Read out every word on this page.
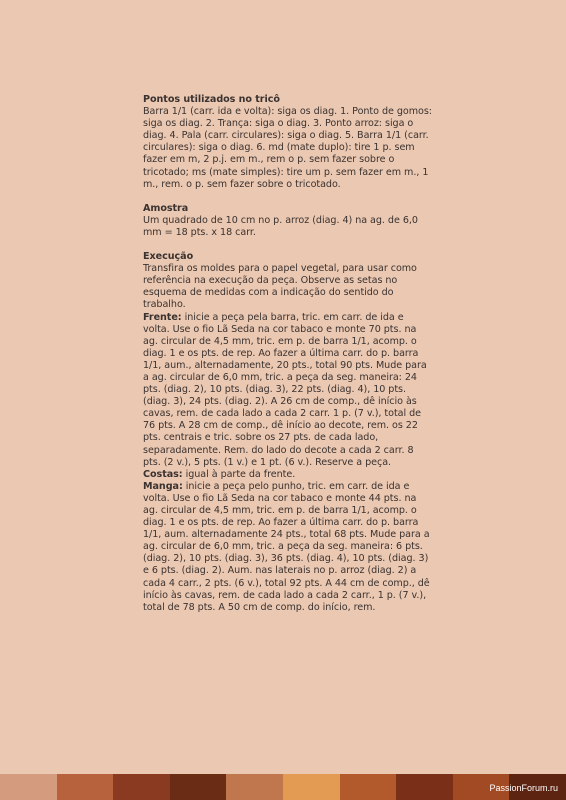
Pontos utilizados no tricô

Barra 1/1 (carr. ida e volta): siga os diag. 1. Ponto de gomos: siga os diag. 2. Trança: siga o diag. 3. Ponto arroz: siga o diag. 4. Pala (carr. circulares): siga o diag. 5. Barra 1/1 (carr. circulares): siga o diag. 6. md (mate duplo): tire 1 p. sem fazer em m, 2 p.j. em m., rem o p. sem fazer sobre o tricotado; ms (mate simples): tire um p. sem fazer em m., 1 m., rem. o p. sem fazer sobre o tricotado.

Amostra

Um quadrado de 10 cm no p. arroz (diag. 4) na ag. de 6,0 mm = 18 pts. x 18 carr.

Execução

Transfira os moldes para o papel vegetal, para usar como referência na execução da peça. Observe as setas no esquema de medidas com a indicação do sentido do trabalho.

Frente: inicie a peça pela barra, tric. em carr. de ida e volta. Use o fio Lã Seda na cor tabaco e monte 70 pts. na ag. circular de 4,5 mm, tric. em p. de barra 1/1, acomp. o diag. 1 e os pts. de rep. Ao fazer a última carr. do p. barra 1/1, aum., alternadamente, 20 pts., total 90 pts. Mude para a ag. circular de 6,0 mm, tric. a peça da seg. maneira: 24 pts. (diag. 2), 10 pts. (diag. 3), 22 pts. (diag. 4), 10 pts. (diag. 3), 24 pts. (diag. 2). A 26 cm de comp., dê início às cavas, rem. de cada lado a cada 2 carr. 1 p. (7 v.), total de 76 pts. A 28 cm de comp., dê início ao decote, rem. os 22 pts. centrais e tric. sobre os 27 pts. de cada lado, separadamente. Rem. do lado do decote a cada 2 carr. 8 pts. (2 v.), 5 pts. (1 v.) e 1 pt. (6 v.). Reserve a peça.

Costas: igual à parte da frente.

Manga: inicie a peça pelo punho, tric. em carr. de ida e volta. Use o fio Lã Seda na cor tabaco e monte 44 pts. na ag. circular de 4,5 mm, tric. em p. de barra 1/1, acomp. o diag. 1 e os pts. de rep. Ao fazer a última carr. do p. barra 1/1, aum. alternadamente 24 pts., total 68 pts. Mude para a ag. circular de 6,0 mm, tric. a peça da seg. maneira: 6 pts. (diag. 2), 10 pts. (diag. 3), 36 pts. (diag. 4), 10 pts. (diag. 3) e 6 pts. (diag. 2). Aum. nas laterais no p. arroz (diag. 2) a cada 4 carr., 2 pts. (6 v.), total 92 pts. A 44 cm de comp., dê início às cavas, rem. de cada lado a cada 2 carr., 1 p. (7 v.), total de 78 pts. A 50 cm de comp. do início, rem.

PassionForum.ru
